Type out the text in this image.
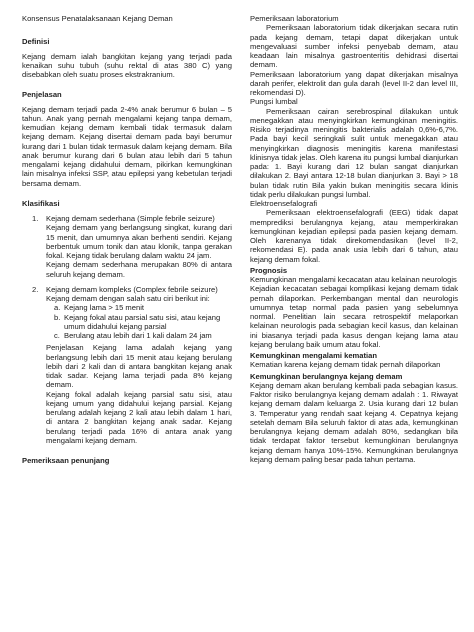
Konsensus Penatalaksanaan Kejang Deman

Definisi

Kejang demam ialah bangkitan kejang yang terjadi pada kenaikan suhu tubuh (suhu rektal di atas 380 C) yang disebabkan oleh suatu proses ekstrakranium.

Penjelasan

Kejang demam terjadi pada 2-4% anak berumur 6 bulan – 5 tahun. Anak yang pernah mengalami kejang tanpa demam, kemudian kejang demam kembali tidak termasuk dalam kejang demam. Kejang disertai demam pada bayi berumur kurang dari 1 bulan tidak termasuk dalam kejang demam. Bila anak berumur kurang dari 6 bulan atau lebih dari 5 tahun mengalami kejang didahului demam, pikirkan kemungkinan lain misalnya infeksi SSP, atau epilepsi yang kebetulan terjadi bersama demam.

Klasifikasi

1. Kejang demam sederhana (Simple febrile seizure)

Kejang demam yang berlangsung singkat, kurang dari 15 menit, dan umumnya akan berhenti sendiri. Kejang berbentuk umum tonik dan atau klonik, tanpa gerakan fokal. Kejang tidak berulang dalam waktu 24 jam.

Kejang demam sederhana merupakan 80% di antara seluruh kejang demam.

2. Kejang demam kompleks (Complex febrile seizure)

Kejang demam dengan salah satu ciri berikut ini:

a. Kejang lama > 15 menit

b. Kejang fokal atau parsial satu sisi, atau kejang umum didahului kejang parsial

c. Berulang atau lebih dari 1 kali dalam 24 jam

Penjelasan Kejang lama adalah kejang yang berlangsung lebih dari 15 menit atau kejang berulang lebih dari 2 kali dan di antara bangkitan kejang anak tidak sadar. Kejang lama terjadi pada 8% kejang demam.

Kejang fokal adalah kejang parsial satu sisi, atau kejang umum yang didahului kejang parsial. Kejang berulang adalah kejang 2 kali atau lebih dalam 1 hari, di antara 2 bangkitan kejang anak sadar. Kejang berulang terjadi pada 16% di antara anak yang mengalami kejang demam.

Pemeriksaan penunjang

Pemeriksaan laboratorium

Pemeriksaan laboratorium tidak dikerjakan secara rutin pada kejang demam, tetapi dapat dikerjakan untuk mengevaluasi sumber infeksi penyebab demam, atau keadaan lain misalnya gastroenteritis dehidrasi disertai demam.

Pemeriksaan laboratorium yang dapat dikerjakan misalnya darah perifer, elektrolit dan gula darah (level II-2 dan level III, rekomendasi D).

Pungsi lumbal

Pemeriksaan cairan serebrospinal dilakukan untuk menegakkan atau menyingkirkan kemungkinan meningitis. Risiko terjadinya meningitis bakterialis adalah 0,6%-6,7%. Pada bayi kecil seringkali sulit untuk menegakkan atau menyingkirkan diagnosis meningitis karena manifestasi klinisnya tidak jelas. Oleh karena itu pungsi lumbal dianjurkan pada: 1. Bayi kurang dari 12 bulan sangat dianjurkan dilakukan 2. Bayi antara 12-18 bulan dianjurkan 3. Bayi > 18 bulan tidak rutin Bila yakin bukan meningitis secara klinis tidak perlu dilakukan pungsi lumbal.

Elektroensefalografi

Pemeriksaan elektroensefalografi (EEG) tidak dapat memprediksi berulangnya kejang, atau memperkirakan kemungkinan kejadian epilepsi pada pasien kejang demam. Oleh karenanya tidak direkomendasikan (level II-2, rekomendasi E). pada anak usia lebih dari 6 tahun, atau kejang demam fokal.

Prognosis

Kemungkinan mengalami kecacatan atau kelainan neurologis

Kejadian kecacatan sebagai komplikasi kejang demam tidak pernah dilaporkan. Perkembangan mental dan neurologis umumnya tetap normal pada pasien yang sebelumnya normal. Penelitian lain secara retrospektif melaporkan kelainan neurologis pada sebagian kecil kasus, dan kelainan ini biasanya terjadi pada kasus dengan kejang lama atau kejang berulang baik umum atau fokal.

Kemungkinan mengalami kematian

Kematian karena kejang demam tidak pernah dilaporkan

Kemungkinan berulangnya kejang demam

Kejang demam akan berulang kembali pada sebagian kasus. Faktor risiko berulangnya kejang demam adalah : 1. Riwayat kejang demam dalam keluarga 2. Usia kurang dari 12 bulan 3. Temperatur yang rendah saat kejang 4. Cepatnya kejang setelah demam Bila seluruh faktor di atas ada, kemungkinan berulangnya kejang demam adalah 80%, sedangkan bila tidak terdapat faktor tersebut kemungkinan berulangnya kejang demam hanya 10%-15%. Kemungkinan berulangnya kejang demam paling besar pada tahun pertama.
